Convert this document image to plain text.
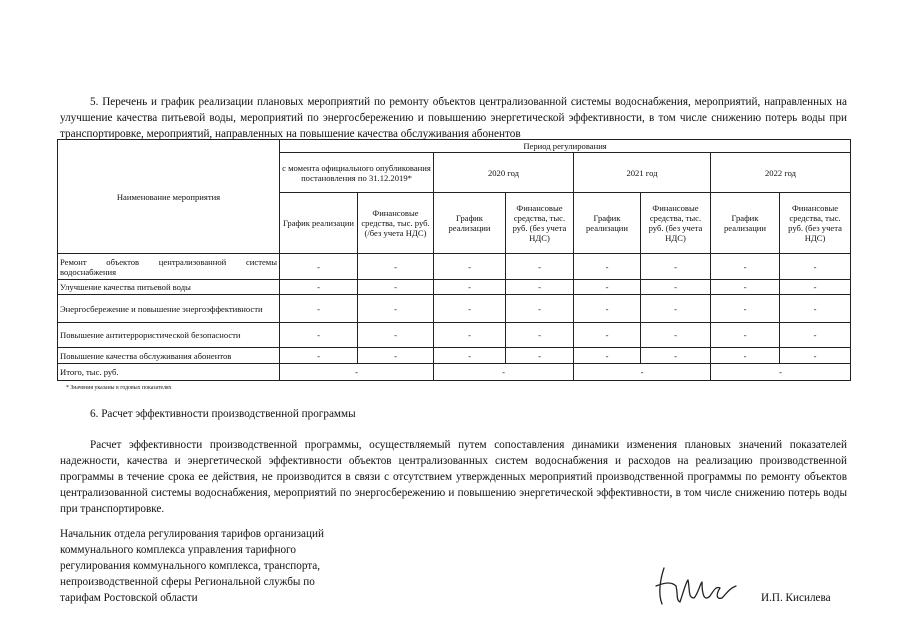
5. Перечень и график реализации плановых мероприятий по ремонту объектов централизованной системы водоснабжения, мероприятий, направленных на улучшение качества питьевой воды, мероприятий по энергосбережению и повышению энергетической эффективности, в том числе снижению потерь воды при транспортировке, мероприятий, направленных на повышение качества обслуживания абонентов
Наименование мероприятия	Период регулирования							
	с момента официального опубликования постановления по 31.12.2019*		2020 год		2021 год		2022 год	
	График реализации	Финансовые средства, тыс. руб. (/без учета НДС)	График реализации	Финансовые средства, тыс. руб. (без учета НДС)	График реализации	Финансовые средства, тыс. руб. (без учета НДС)	График реализации	Финансовые средства, тыс. руб. (без учета НДС)
Ремонт объектов централизованной системы водоснабжения	-	-	-	-	-	-	-	-
Улучшение качества питьевой воды	-	-	-	-	-	-	-	-
Энергосбережение и повышение энергоэффективности	-	-	-	-	-	-	-	-
Повышение антитеррористической безопасности	-	-	-	-	-	-	-	-
Повышение качества обслуживания абонентов	-	-	-	-	-	-	-	-
Итого, тыс. руб.	-		-		-		-	
* Значения указаны в годовых показателях
6. Расчет эффективности производственной программы
Расчет эффективности производственной программы, осуществляемый путем сопоставления динамики изменения плановых значений показателей надежности, качества и энергетической эффективности объектов централизованных систем водоснабжения и расходов на реализацию производственной программы в течение срока ее действия, не производится в связи с отсутствием утвержденных мероприятий производственной программы по ремонту объектов централизованной системы водоснабжения, мероприятий по энергосбережению и повышению энергетической эффективности, в том числе снижению потерь воды при транспортировке.
Начальник отдела регулирования тарифов организаций
коммунального комплекса управления тарифного
регулирования коммунального комплекса, транспорта,
непроизводственной сферы Региональной службы по
тарифам Ростовской области	И.П. Кисилева
